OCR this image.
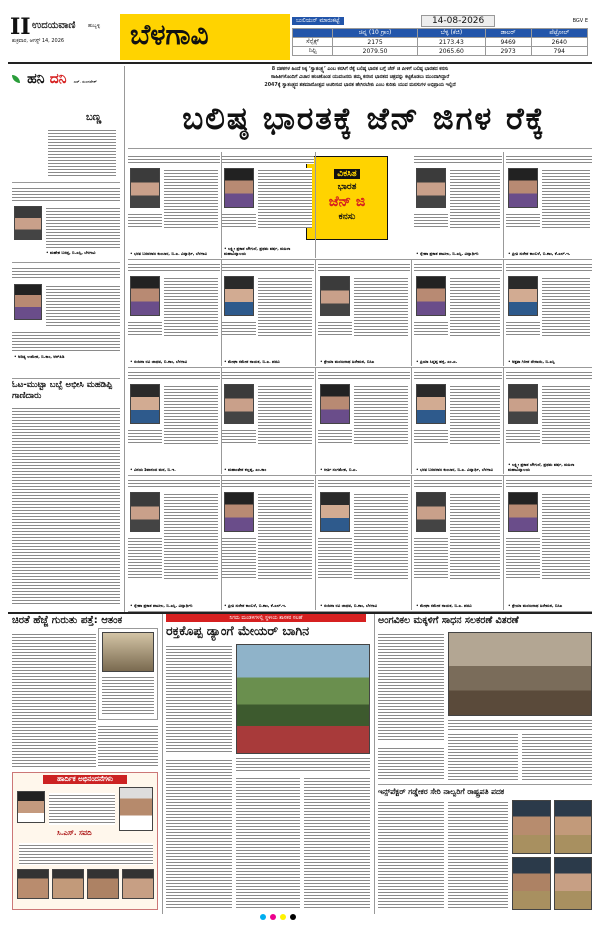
II ಉದಯವಾಣಿ	ಹುಬ್ಬಳ್ಳಿ
ಶುಕ್ರವಾರ, ಆಗಸ್ಟ್ 14, 2026 ಬೆಳಗಾವಿ	ಬುಲಿಯನ್ ಮಾರುಕಟ್ಟೆ	14-08-2026	BGV E
	ಚಿನ್ನ (10 ಗ್ರಾಂ)	ಬೆಳ್ಳಿ (ಕೆಜಿ)	ಡಾಲರ್	ಪೆಟ್ರೋಲ್
ಸೆನ್ಸೆಕ್ಸ್	2175	2173.43	9469	2640
ನಿಫ್ಟಿ	2079.50	2065.60	2973	794
ಹನಿ ದನಿ ಎಸ್. ಸುಂದರೇಶ್
ಬಣ್ಣ
• ಮಹೇಶ ಬಸಪ್ಪ, ಬಿ.ಎಸ್ಸಿ, ಬೆಳಗಾವಿ
• ಆದಿತ್ಯ ಉಮೇಶ, ಬಿ.ಕಾಂ, ಆರ್‌ಪಿಡಿ
ಓಟ-ಮುಟ್ಟಾ ಬಬ್ಬೆ ಅಭೀಸಿ ಮಹಡಿಪ್ಪಿ ಗಾಣಿದಾರು
8 ದಶಕಗಳ ಹಿಂದೆ ಸಿಕ್ಕ ‘ಸ್ವಾತಂತ್ರ್ಯ’ ಎಂಬ ಕನಸಿಗೆ ರೆಕ್ಕೆ ಬಲಿಷ್ಠ ಭಾರತ ಬಗ್ಗೆ ಜೆನ್ ಜಿ ಪೀಳಿಗೆ ಬಲಿಷ್ಠ ಭಾರತದ ಕನಸು
ಸಾಹಿತಿಗಳೊಂದಿಗೆ ವಿಚಾರ ಹಂಚಿಕೊಂಡ ಯುವಜನರು ತಮ್ಮ ಕನಸಿನ ಭಾರತದ ಚಿತ್ರವನ್ನು ಕಟ್ಟಿಕೊಡಲು ಮುಂದಾಗಿದ್ದಾರೆ
2047ಕ್ಕೆ ಸ್ವಾತಂತ್ರ್ಯದ ಶತಮಾನೋತ್ಸವ ಆಚರಿಸುವ ಭಾರತ ಹೇಗಿರಬೇಕು ಎಂಬ ಕುರಿತು ಯುವ ಮನಸುಗಳ ಅಭಿಪ್ರಾಯ ಇಲ್ಲಿದೆ
ಬಲಿಷ್ಠ ಭಾರತಕ್ಕೆ ಜೆನ್ ಜಿಗಳ ರೆಕ್ಕೆ
ವಿಕಸಿತ
ಭಾರತ
ಜೆನ್ ಜಿ
ಕನಸು
• ಭರತ ಬಸವರಾಜ ಕುಂಬಾರ, ಬಿ.ಎ. ವಿದ್ಯಾರ್ಥಿ, ಬೆಳಗಾವಿ
• ಲಕ್ಷ್ಮೀ ಪ್ರಕಾಶ ಚೌಗುಲೆ, ಪ್ರಥಮ ವರ್ಷ, ಮಹಿಳಾ ಮಹಾವಿದ್ಯಾಲಯ	• ಸ್ನೇಹಾ ಪ್ರಕಾಶ ಪಾಟೀಲ, ಬಿ.ಎಸ್ಸಿ. ವಿದ್ಯಾರ್ಥಿನಿ	• ಪ್ರೀತಿ ಸುರೇಶ ಕಾಂಬಳೆ, ಬಿ.ಕಾಂ, ಕೆ.ಎಲ್.ಇ.
• ಸಂಜನಾ ರವಿ ಜಾಧವ, ಬಿ.ಕಾಂ, ಬೆಳಗಾವಿ	• ಮೇಘಾ ರಮೇಶ ನಾಯಕ, ಬಿ.ಎ. ಪದವಿ	• ಶ್ರೇಯಾ ಮಂಜುನಾಥ ಹಿರೇಮಠ, ಬಿಸಿಎ	• ಪ್ರಿಯಾ ಸಿದ್ದಪ್ಪ ಹಳ್ಳಿ, ಎಂ.ಎ.	• ಅಕ್ಷತಾ ಗಿರೀಶ ದೇಸಾಯಿ, ಬಿ.ಎಸ್ಸಿ
• ವಿನಯ ಶಿವಾನಂದ ಮಠ, ಬಿ.ಇ.	• ಮಹಾಂತೇಶ ಕಲ್ಲಪ್ಪ, ಎಂ.ಕಾಂ	• ಕೀರ್ತಿ ಸಂಗಮೇಶ, ಬಿ.ಎ.	• ಭರತ ಬಸವರಾಜ ಕುಂಬಾರ, ಬಿ.ಎ. ವಿದ್ಯಾರ್ಥಿ, ಬೆಳಗಾವಿ
• ಲಕ್ಷ್ಮೀ ಪ್ರಕಾಶ ಚೌಗುಲೆ, ಪ್ರಥಮ ವರ್ಷ, ಮಹಿಳಾ ಮಹಾವಿದ್ಯಾಲಯ
• ಸ್ನೇಹಾ ಪ್ರಕಾಶ ಪಾಟೀಲ, ಬಿ.ಎಸ್ಸಿ. ವಿದ್ಯಾರ್ಥಿನಿ	• ಪ್ರೀತಿ ಸುರೇಶ ಕಾಂಬಳೆ, ಬಿ.ಕಾಂ, ಕೆ.ಎಲ್.ಇ.	• ಸಂಜನಾ ರವಿ ಜಾಧವ, ಬಿ.ಕಾಂ, ಬೆಳಗಾವಿ	• ಮೇಘಾ ರಮೇಶ ನಾಯಕ, ಬಿ.ಎ. ಪದವಿ	• ಶ್ರೇಯಾ ಮಂಜುನಾಥ ಹಿರೇಮಠ, ಬಿಸಿಎ
ಚಿರತೆ ಹೆಜ್ಜೆ ಗುರುತು ಪತ್ತೆ: ಆತಂಕ
ಹಾರ್ದಿಕ ಅಭಿನಂದನೆಗಳು
ಸಿ.ಎಸ್. ಸವದಿ
ನಿಗಮ ಮಂಡಳಿಗಳಲ್ಲಿ ಸ್ಥಳೀಯ ಶಾಸಕರ ಸಲಹೆ
ರಕ್ತಕೊಪ್ಪ ಡ್ಯಾಂಗೆ ಮೇಯರ್ ಬಾಗಿನ
ಅಂಗವಿಕಲ ಮಕ್ಕಳಿಗೆ ಸಾಧನ ಸಲಕರಣೆ ವಿತರಣೆ
ಇನ್ಸ್‌ಪೆಕ್ಟರ್ ಗಡ್ಡೇಕರ ಸೇರಿ ನಾಲ್ವರಿಗೆ ರಾಷ್ಟ್ರಪತಿ ಪದಕ
